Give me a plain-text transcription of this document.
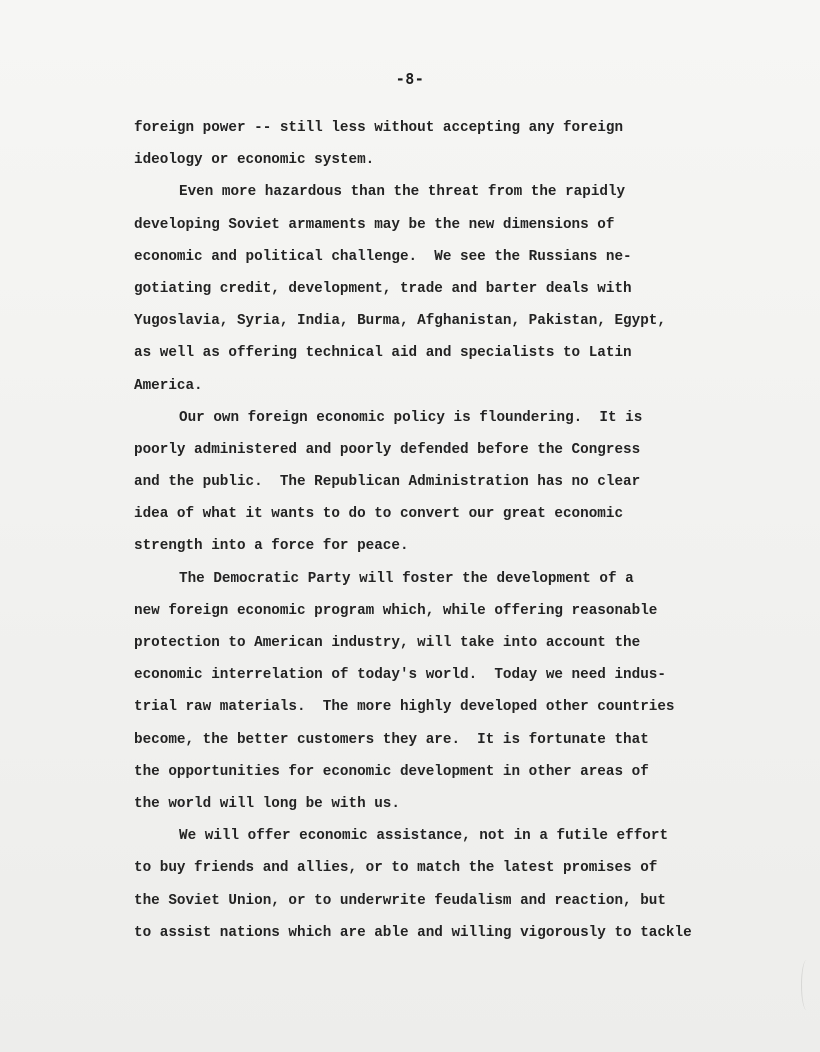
-8-
foreign power -- still less without accepting any foreign
ideology or economic system.
Even more hazardous than the threat from the rapidly
developing Soviet armaments may be the new dimensions of
economic and political challenge.  We see the Russians ne-
gotiating credit, development, trade and barter deals with
Yugoslavia, Syria, India, Burma, Afghanistan, Pakistan, Egypt,
as well as offering technical aid and specialists to Latin
America.
Our own foreign economic policy is floundering.  It is
poorly administered and poorly defended before the Congress
and the public.  The Republican Administration has no clear
idea of what it wants to do to convert our great economic
strength into a force for peace.
The Democratic Party will foster the development of a
new foreign economic program which, while offering reasonable
protection to American industry, will take into account the
economic interrelation of today's world.  Today we need indus-
trial raw materials.  The more highly developed other countries
become, the better customers they are.  It is fortunate that
the opportunities for economic development in other areas of
the world will long be with us.
We will offer economic assistance, not in a futile effort
to buy friends and allies, or to match the latest promises of
the Soviet Union, or to underwrite feudalism and reaction, but
to assist nations which are able and willing vigorously to tackle
